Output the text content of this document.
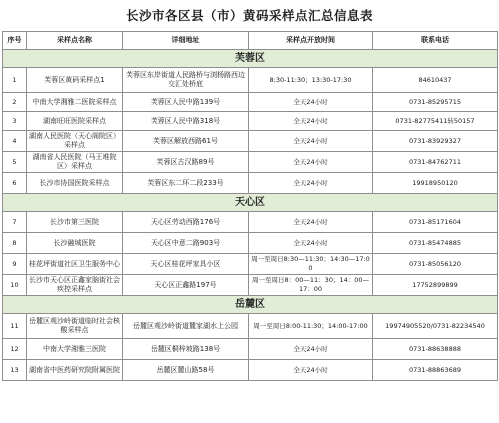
长沙市各区县（市）黄码采样点汇总信息表
序号	采样点名称	详细地址	采样点开放时间	联系电话
芙蓉区				
1	芙蓉区黄码采样点1	芙蓉区东岸街道人民路桥与浏杨路西边交汇处桥底	8:30-11:30；13:30-17:30	84610437
2	中南大学湘雅二医院采样点	芙蓉区人民中路139号	全天24小时	0731-85295715
3	湖南旺旺医院采样点	芙蓉区人民中路318号	全天24小时	0731-82775411转50157
4	湖南人民医院（天心阁院区）采样点	芙蓉区解放西路61号	全天24小时	0731-83929327
5	湖南省人民医院（马王堆院区）采样点	芙蓉区古汉路89号	全天24小时	0731-84762711
6	长沙市协国医院采样点	芙蓉区东二环二段233号	全天24小时	19918950120
天心区				
7	长沙市第三医院	天心区劳动西路176号	全天24小时	0731-85171604
8	长沙融城医院	天心区中意二路903号	全天24小时	0731-85474885
9	桂花坪街道社区卫生服务中心	天心区桂花坪家具小区	周一至周日8:30—11:30；14:30—17:00	0731-85056120
10	长沙市天心区正鑫家脑街社会疾控采样点	天心区正鑫路197号	周一至周日8：00—11：30；14：00—17：00	17752899899
岳麓区				
11	岳麓区观沙岭街道临时社会核酸采样点	岳麓区观沙岭街道麓家湖水上公园	周一至周日8:00-11:30；14:00-17:00	19974905520/0731-82234540
12	中南大学湘雅三医院	岳麓区桐梓坡路138号	全天24小时	0731-88638888
13	湖南省中医药研究院附属医院	岳麓区麓山路58号	全天24小时	0731-88863689
